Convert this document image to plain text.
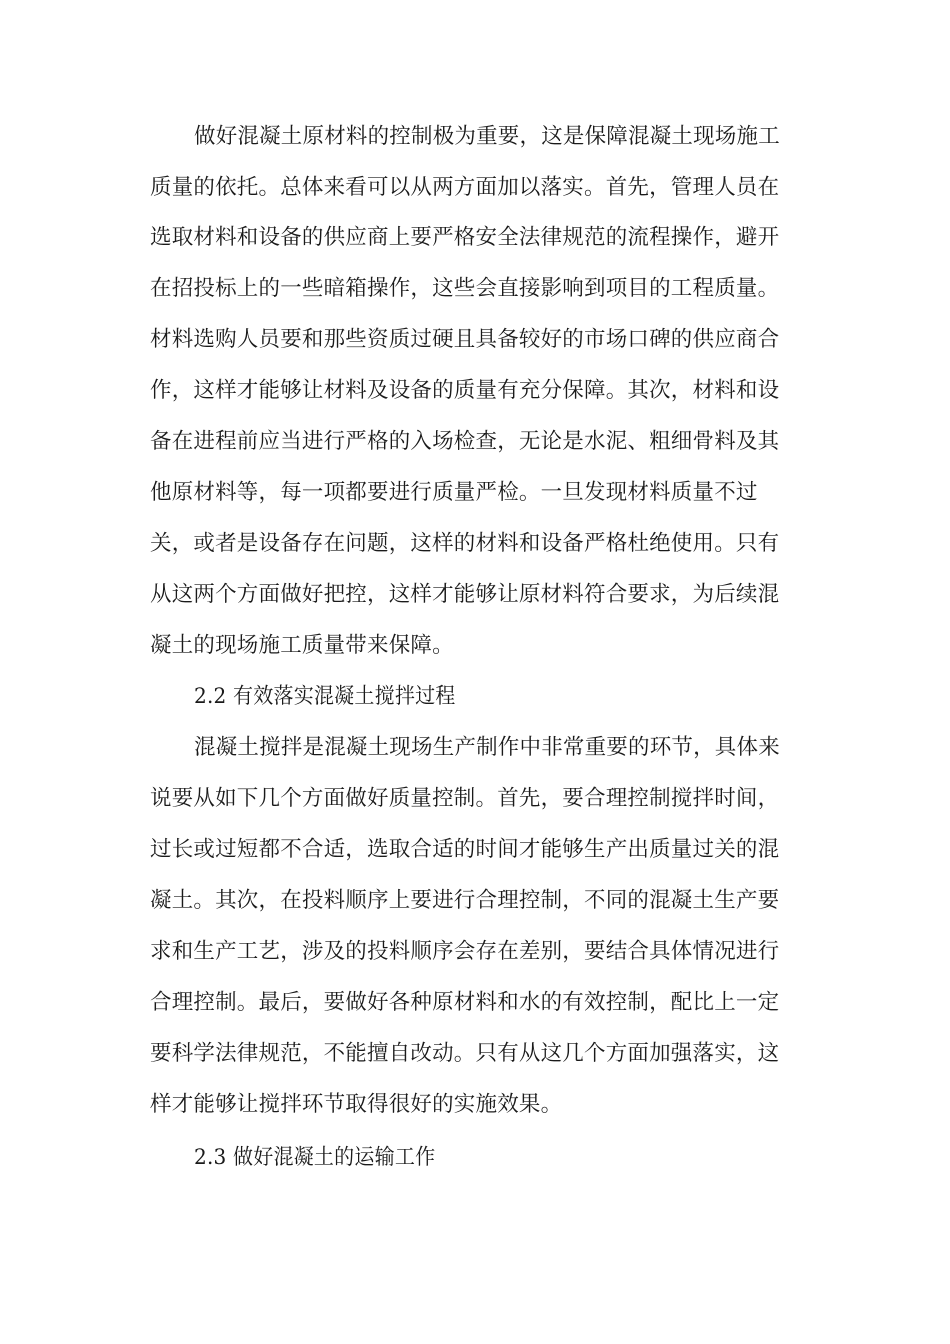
做好混凝土原材料的控制极为重要，这是保障混凝土现场施工
质量的依托。总体来看可以从两方面加以落实。首先，管理人员在
选取材料和设备的供应商上要严格安全法律规范的流程操作，避开
在招投标上的一些暗箱操作，这些会直接影响到项目的工程质量。
材料选购人员要和那些资质过硬且具备较好的市场口碑的供应商合
作，这样才能够让材料及设备的质量有充分保障。其次，材料和设
备在进程前应当进行严格的入场检查，无论是水泥、粗细骨料及其
他原材料等，每一项都要进行质量严检。一旦发现材料质量不过
关，或者是设备存在问题，这样的材料和设备严格杜绝使用。只有
从这两个方面做好把控，这样才能够让原材料符合要求，为后续混
凝土的现场施工质量带来保障。
2.2 有效落实混凝土搅拌过程
混凝土搅拌是混凝土现场生产制作中非常重要的环节，具体来
说要从如下几个方面做好质量控制。首先，要合理控制搅拌时间，
过长或过短都不合适，选取合适的时间才能够生产出质量过关的混
凝土。其次，在投料顺序上要进行合理控制，不同的混凝土生产要
求和生产工艺，涉及的投料顺序会存在差别，要结合具体情况进行
合理控制。最后，要做好各种原材料和水的有效控制，配比上一定
要科学法律规范，不能擅自改动。只有从这几个方面加强落实，这
样才能够让搅拌环节取得很好的实施效果。
2.3 做好混凝土的运输工作
